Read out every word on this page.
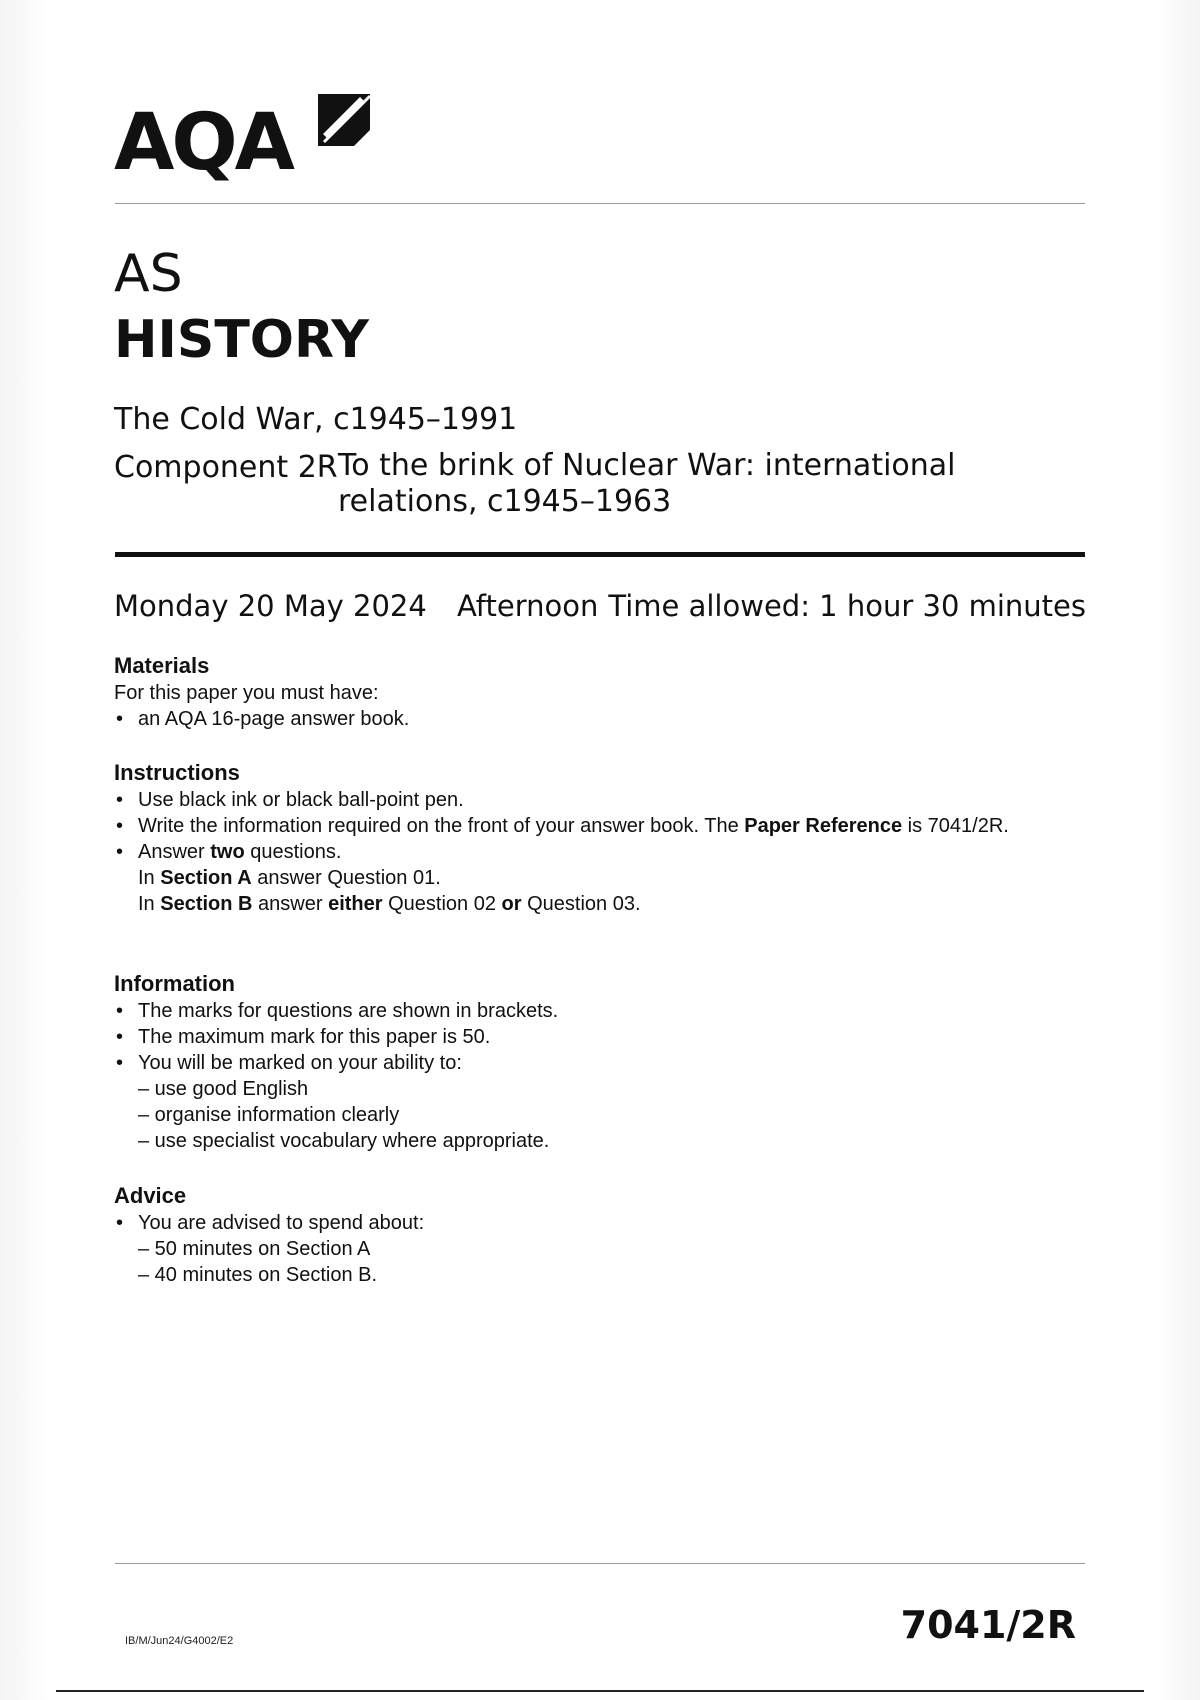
AQA
AS
HISTORY
The Cold War, c1945–1991
Component 2R To the brink of Nuclear War: international relations, c1945–1963
Monday 20 May 2024 Afternoon Time allowed: 1 hour 30 minutes
Materials

For this paper you must have:

• an AQA 16-page answer book.
Instructions
• Use black ink or black ball-point pen.
• Write the information required on the front of your answer book. The Paper Reference is 7041/2R.
• Answer two questions.
In Section A answer Question 01.
In Section B answer either Question 02 or Question 03.
Information
• The marks for questions are shown in brackets.
• The maximum mark for this paper is 50.
• You will be marked on your ability to:
– use good English
– organise information clearly
– use specialist vocabulary where appropriate.
Advice
• You are advised to spend about:
– 50 minutes on Section A
– 40 minutes on Section B.
IB/M/Jun24/G4002/E2	7041/2R
